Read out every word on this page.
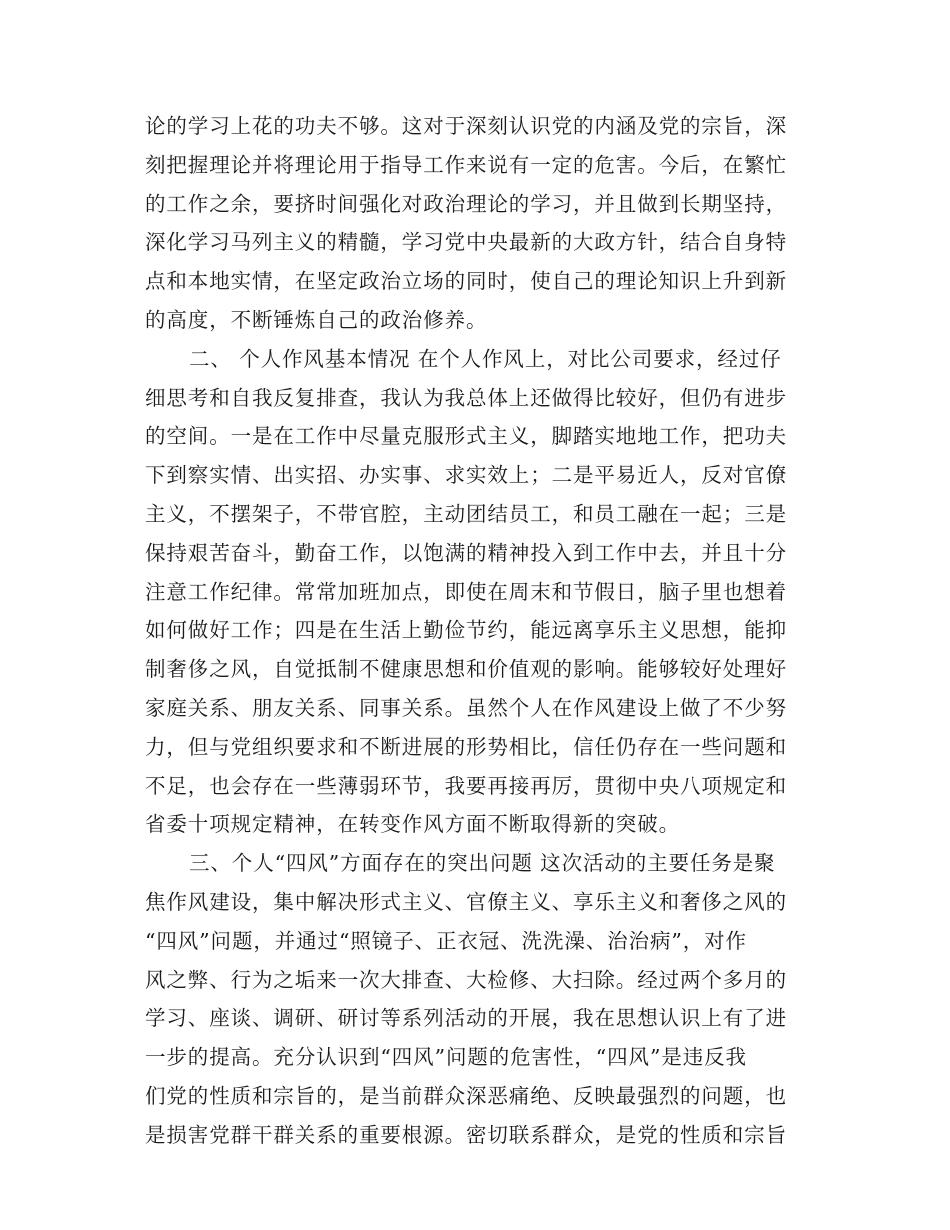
论的学习上花的功夫不够。这对于深刻认识党的内涵及党的宗旨，深
刻把握理论并将理论用于指导工作来说有一定的危害。今后，在繁忙
的工作之余，要挤时间强化对政治理论的学习，并且做到长期坚持，
深化学习马列主义的精髓，学习党中央最新的大政方针，结合自身特
点和本地实情，在坚定政治立场的同时，使自己的理论知识上升到新
的高度，不断锤炼自己的政治修养。
二、 个人作风基本情况 在个人作风上，对比公司要求，经过仔
细思考和自我反复排查，我认为我总体上还做得比较好，但仍有进步
的空间。一是在工作中尽量克服形式主义，脚踏实地地工作，把功夫
下到察实情、出实招、办实事、求实效上；二是平易近人，反对官僚
主义，不摆架子，不带官腔，主动团结员工，和员工融在一起；三是
保持艰苦奋斗，勤奋工作，以饱满的精神投入到工作中去，并且十分
注意工作纪律。常常加班加点，即使在周末和节假日，脑子里也想着
如何做好工作；四是在生活上勤俭节约，能远离享乐主义思想，能抑
制奢侈之风，自觉抵制不健康思想和价值观的影响。能够较好处理好
家庭关系、朋友关系、同事关系。虽然个人在作风建设上做了不少努
力，但与党组织要求和不断进展的形势相比，信任仍存在一些问题和
不足，也会存在一些薄弱环节，我要再接再厉，贯彻中央八项规定和
省委十项规定精神，在转变作风方面不断取得新的突破。
三、个人“四风”方面存在的突出问题 这次活动的主要任务是聚
焦作风建设，集中解决形式主义、官僚主义、享乐主义和奢侈之风的
“四风”问题，并通过“照镜子、正衣冠、洗洗澡、治治病”，对作
风之弊、行为之垢来一次大排查、大检修、大扫除。经过两个多月的
学习、座谈、调研、研讨等系列活动的开展，我在思想认识上有了进
一步的提高。充分认识到“四风”问题的危害性，“四风”是违反我
们党的性质和宗旨的，是当前群众深恶痛绝、反映最强烈的问题，也
是损害党群干群关系的重要根源。密切联系群众，是党的性质和宗旨
